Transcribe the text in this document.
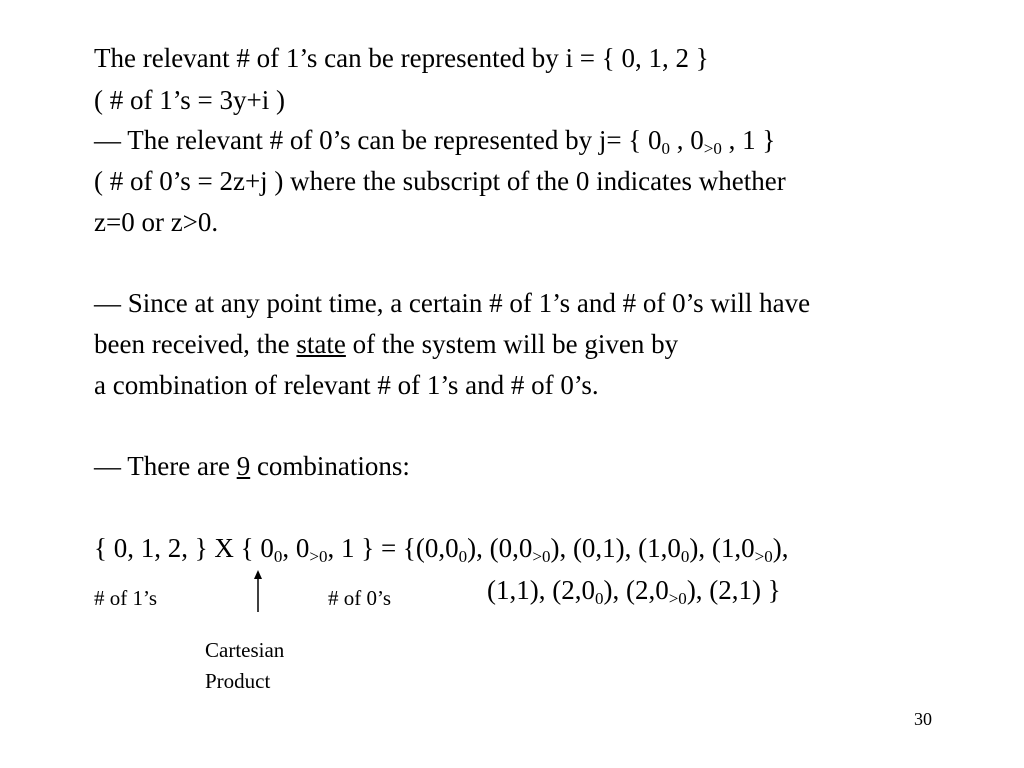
The relevant # of 1’s can be represented by i = { 0, 1, 2 }
( # of 1’s = 3y+i )
— The relevant # of 0’s can be represented by j= { $0_0$ , $0_{>0}$ , 1 }
( # of 0’s = 2z+j ) where the subscript of the 0 indicates whether
z=0 or z>0.
— Since at any point time, a certain # of 1’s and # of 0’s will have
been received, the state of the system will be given by
a combination of relevant # of 1’s and # of 0’s.
— There are 9 combinations:
{ 0, 1, 2, } X { $0_0$, $0_{>0}$, 1 } = {$(0,0_0)$, $(0,0_{>0})$, (0,1), $(1,0_0)$, $(1,0_{>0})$,
(1,1), $(2,0_0)$, $(2,0_{>0})$, (2,1) }
# of 1’s	# of 0’s
Cartesian
Product
30
